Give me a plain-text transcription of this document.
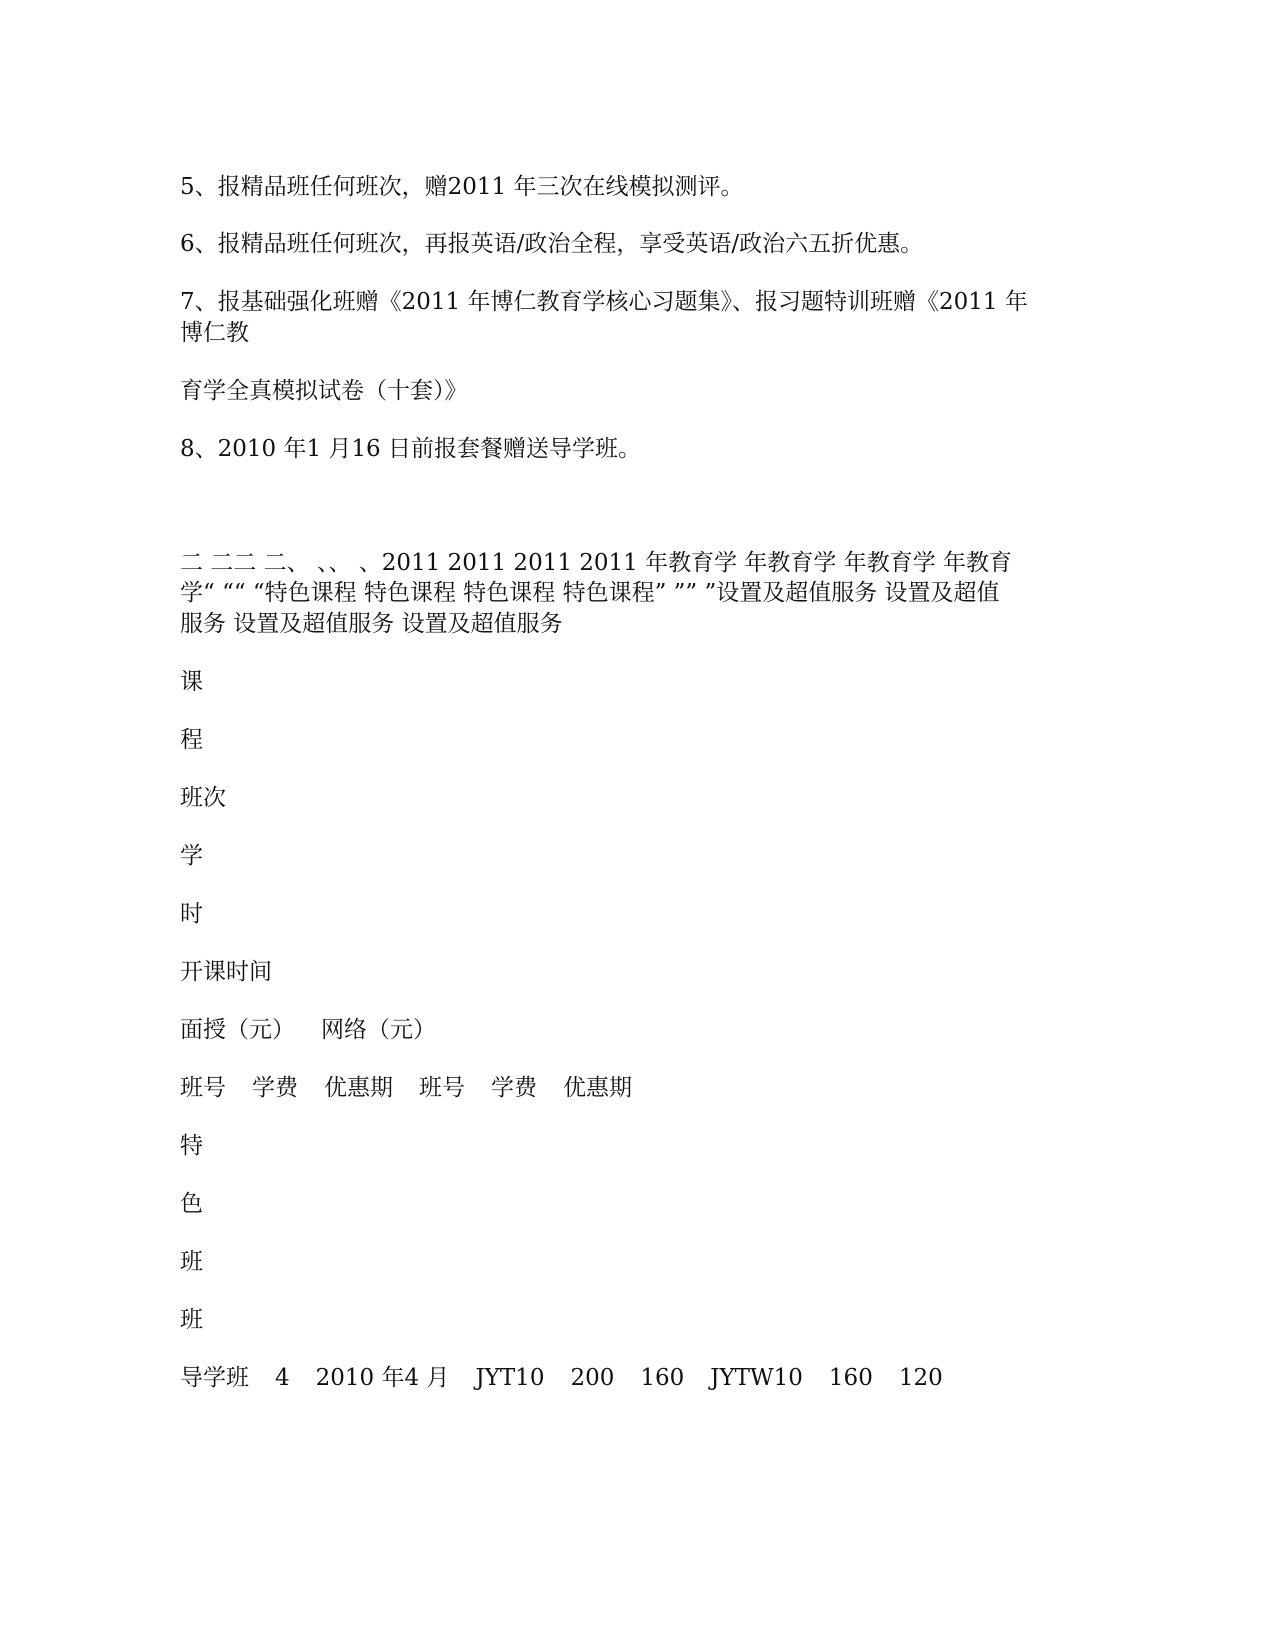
5、报精品班任何班次，赠2011 年三次在线模拟测评。
6、报精品班任何班次，再报英语/政治全程，享受英语/政治六五折优惠。
7、报基础强化班赠《2011 年博仁教育学核心习题集》、报习题特训班赠《2011 年
博仁教
育学全真模拟试卷（十套）》
8、2010 年1 月16 日前报套餐赠送导学班。
二 二二 二、 、、 、2011 2011 2011 2011 年教育学 年教育学 年教育学 年教育
学“ ““ “特色课程 特色课程 特色课程 特色课程” ”” ”设置及超值服务 设置及超值
服务 设置及超值服务 设置及超值服务
课
程
班次
学
时
开课时间
面授（元） 网络（元）
班号 学费 优惠期 班号 学费 优惠期
特
色
班
班
导学班 4 2010 年4 月 JYT10 200 160 JYTW10 160 120
